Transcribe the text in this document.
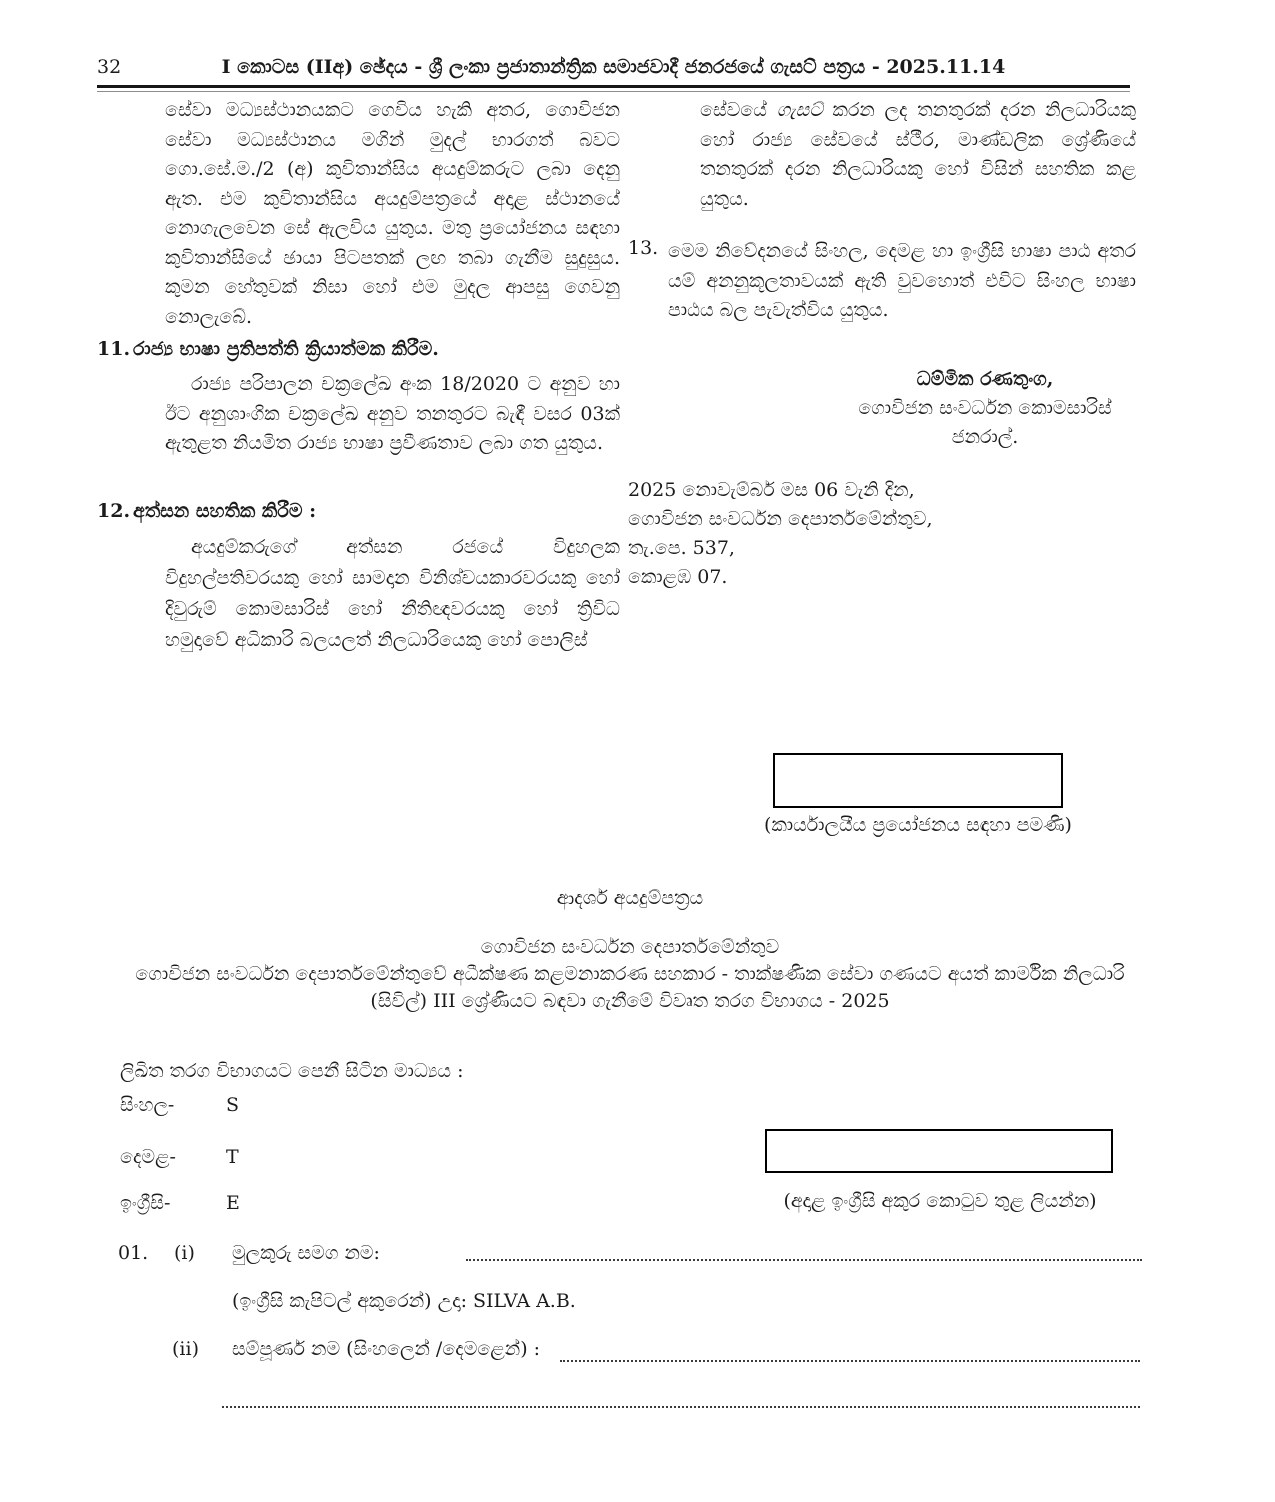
32	I කොටස (IIඅ) ඡේදය - ශ්‍රී ලංකා ප්‍රජාතාන්ත්‍රික සමාජවාදී ජනරජයේ ගැසට් පත්‍රය - 2025.11.14
සේවා මධ්‍යස්ථානයකට ගෙවිය හැකි අතර, ගොවිජන සේවා මධ්‍යස්ථානය මගින් මුදල් භාරගත් බවට ගො.සේ.ම./2 (අ) කුවිතාන්සිය අයදුම්කරුට ලබා දෙනු ඇත. එම කුවිතාන්සිය අයදුම්පත්‍රයේ අදාළ ස්ථානයේ නොගැලවෙන සේ ඇලවිය යුතුය. මතු ප්‍රයෝජනය සඳහා කුවිතාන්සියේ ඡායා පිටපතක් ලඟ තබා ගැනීම සුදුසුය. කුමන හේතුවක් නිසා හෝ එම මුදල ආපසු ගෙවනු නොලැබේ.
11. රාජ්‍ය භාෂා ප්‍රතිපත්ති ක්‍රියාත්මක කිරීම.
රාජ්‍ය පරිපාලන චක්‍රලේඛ අංක 18/2020 ට අනුව හා ඊට අනුශාංගික චක්‍රලේඛ අනුව තනතුරට බැඳී වසර 03ක් ඇතුළත නියමිත රාජ්‍ය භාෂා ප්‍රවීණතාව ලබා ගත යුතුය.
12. අත්සන සහතික කිරීම :
අයදුම්කරුගේ අත්සන රජයේ විදුහලක විදුහල්පතිවරයකු හෝ සාමදාන විනිශ්චයකාරවරයකු හෝ දිවුරුම් කොමසාරිස් හෝ නීතිඥවරයකු හෝ ත්‍රිවිධ හමුදාවේ අධිකාරි බලයලත් නිලධාරියෙකු හෝ පොලිස්
සේවයේ ගැසට් කරන ලද තනතුරක් දරන නිලධාරියකු හෝ රාජ්‍ය සේවයේ ස්ථීර, මාණ්ඩලික ශ්‍රේණියේ තනතුරක් දරන නිලධාරියකු හෝ විසින් සහතික කළ යුතුය.
13. මෙම නිවේදනයේ සිංහල, දෙමළ හා ඉංග්‍රීසි භාෂා පාඨ අතර යම් අනනුකූලතාවයක් ඇති වුවහොත් එවිට සිංහල භාෂා පාඨය බල පැවැත්විය යුතුය.
ධම්මික රණතුංග,
ගොවිජන සංවර්ධන කොමසාරිස්
ජනරාල්.
2025 නොවැම්බර් මස 06 වැනි දින,
ගොවිජන සංවර්ධන දෙපාර්තමේන්තුව,
තැ.පෙ. 537,
කොළඹ 07.
(කාර්යාලයීය ප්‍රයෝජනය සඳහා පමණි)
ආදර්ශ අයදුම්පත්‍රය
ගොවිජන සංවර්ධන දෙපාර්තමේන්තුව
ගොවිජන සංවර්ධන දෙපාර්තමේන්තුවේ අධීක්ෂණ කළමනාකරණ සහකාර - තාක්ෂණික සේවා ගණයට අයත් කාර්මික නිලධාරි
(සිවිල්) III ශ්‍රේණියට බඳවා ගැනීමේ විවෘත තරග විභාගය - 2025
ලිඛිත තරග විභාගයට පෙනී සිටින මාධ්‍යය :
සිංහල-	S
දෙමළ-	T
ඉංග්‍රීසි-	E	(අදාළ ඉංග්‍රීසි අකුර කොටුව තුළ ලියන්න)
01. (i) මුලකුරු සමග නම:
(ඉංග්‍රීසි කැපිටල් අකුරෙන්) උදා: SILVA A.B.
(ii) සම්පූර්ණ නම (සිංහලෙන් /දෙමළෙන්) :
